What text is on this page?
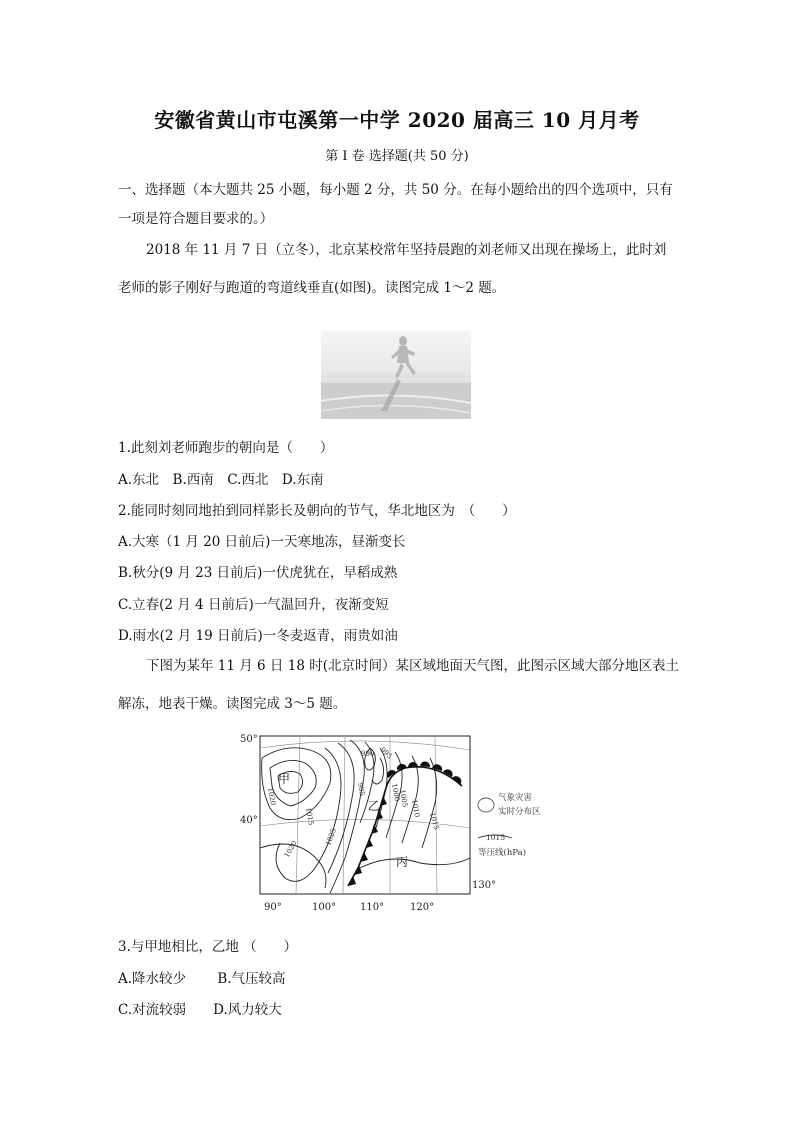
安徽省黄山市屯溪第一中学 2020 届高三 10 月月考
第 I 卷 选择题(共 50 分)
一、选择题（本大题共 25 小题，每小题 2 分，共 50 分。在每小题给出的四个选项中，只有
一项是符合题目要求的。）
2018 年 11 月 7 日（立冬），北京某校常年坚持晨跑的刘老师又出现在操场上，此时刘
老师的影子刚好与跑道的弯道线垂直(如图)。读图完成 1～2 题。
1.此刻刘老师跑步的朝向是（　　）
A.东北　B.西南　C.西北　D.东南
2.能同时刻同地拍到同样影长及朝向的节气，华北地区为　（　　）
A.大寒（1 月 20 日前后)一天寒地冻，昼渐变长
B.秋分(9 月 23 日前后)一伏虎犹在，早稻成熟
C.立春(2 月 4 日前后)一气温回升，夜渐变短
D.雨水(2 月 19 日前后)一冬麦返青，雨贵如油
下图为某年 11 月 6 日 18 时(北京时间）某区域地面天气图，此图示区域大部分地区表土
解冻，地表干燥。读图完成 3～5 题。
50°
40°
90°	100° 110°	120°
130°
甲
乙
丙
990 995
1000
1005
1010
1015
1015
1020
1020
1025
985
气象灾害
实时分布区
1015
等压线(hPa)
3.与甲地相比，乙地 （　　）
A.降水较少　　 B.气压较高
C.对流较弱　　D.风力较大
